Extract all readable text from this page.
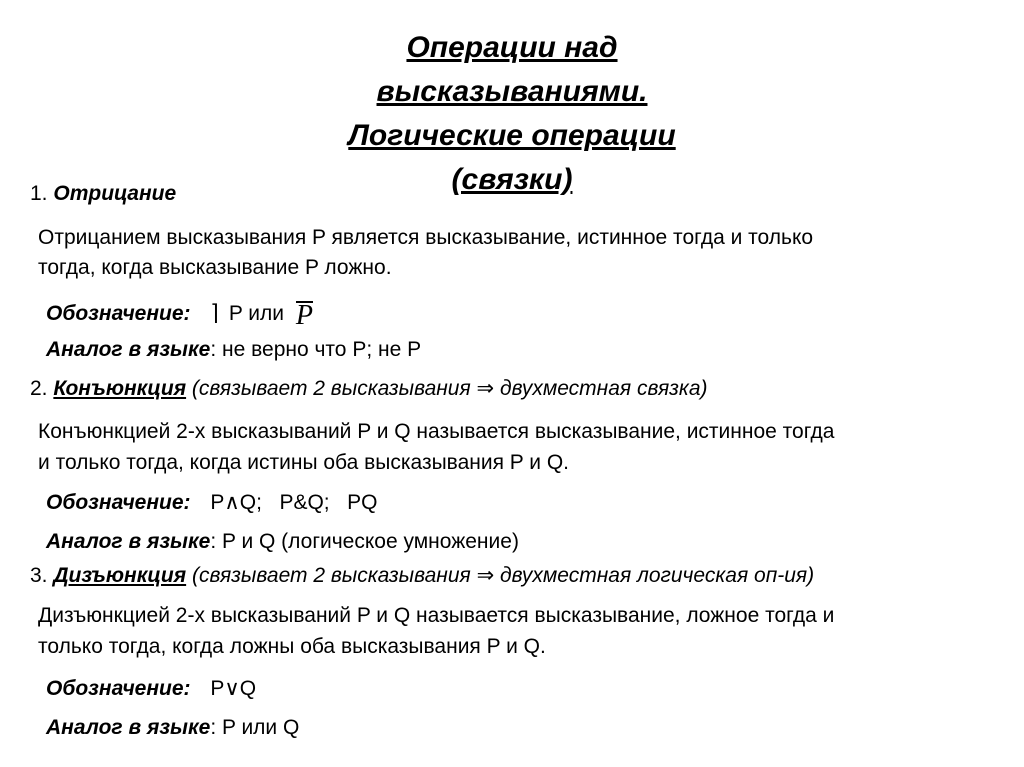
Операции над
высказываниями.
Логические операции
(связки)
1. Отрицание
Отрицанием высказывания P является высказывание, истинное тогда и только
тогда, когда высказывание P ложно.
Обозначение: ⌉ P или P
Аналог в языке: не верно что P; не P
2. Конъюнкция (связывает 2 высказывания ⇒ двухместная связка)
Конъюнкцией 2-х высказываний P и Q называется высказывание, истинное тогда
и только тогда, когда истины оба высказывания P и Q.
Обозначение: P∧Q;   P&Q;   PQ
Аналог в языке: P и Q (логическое умножение)
3. Дизъюнкция (связывает 2 высказывания ⇒ двухместная логическая оп-ия)
Дизъюнкцией 2-х высказываний P и Q называется высказывание, ложное тогда и
только тогда, когда ложны оба высказывания P и Q.
Обозначение: P∨Q
Аналог в языке: P или Q
